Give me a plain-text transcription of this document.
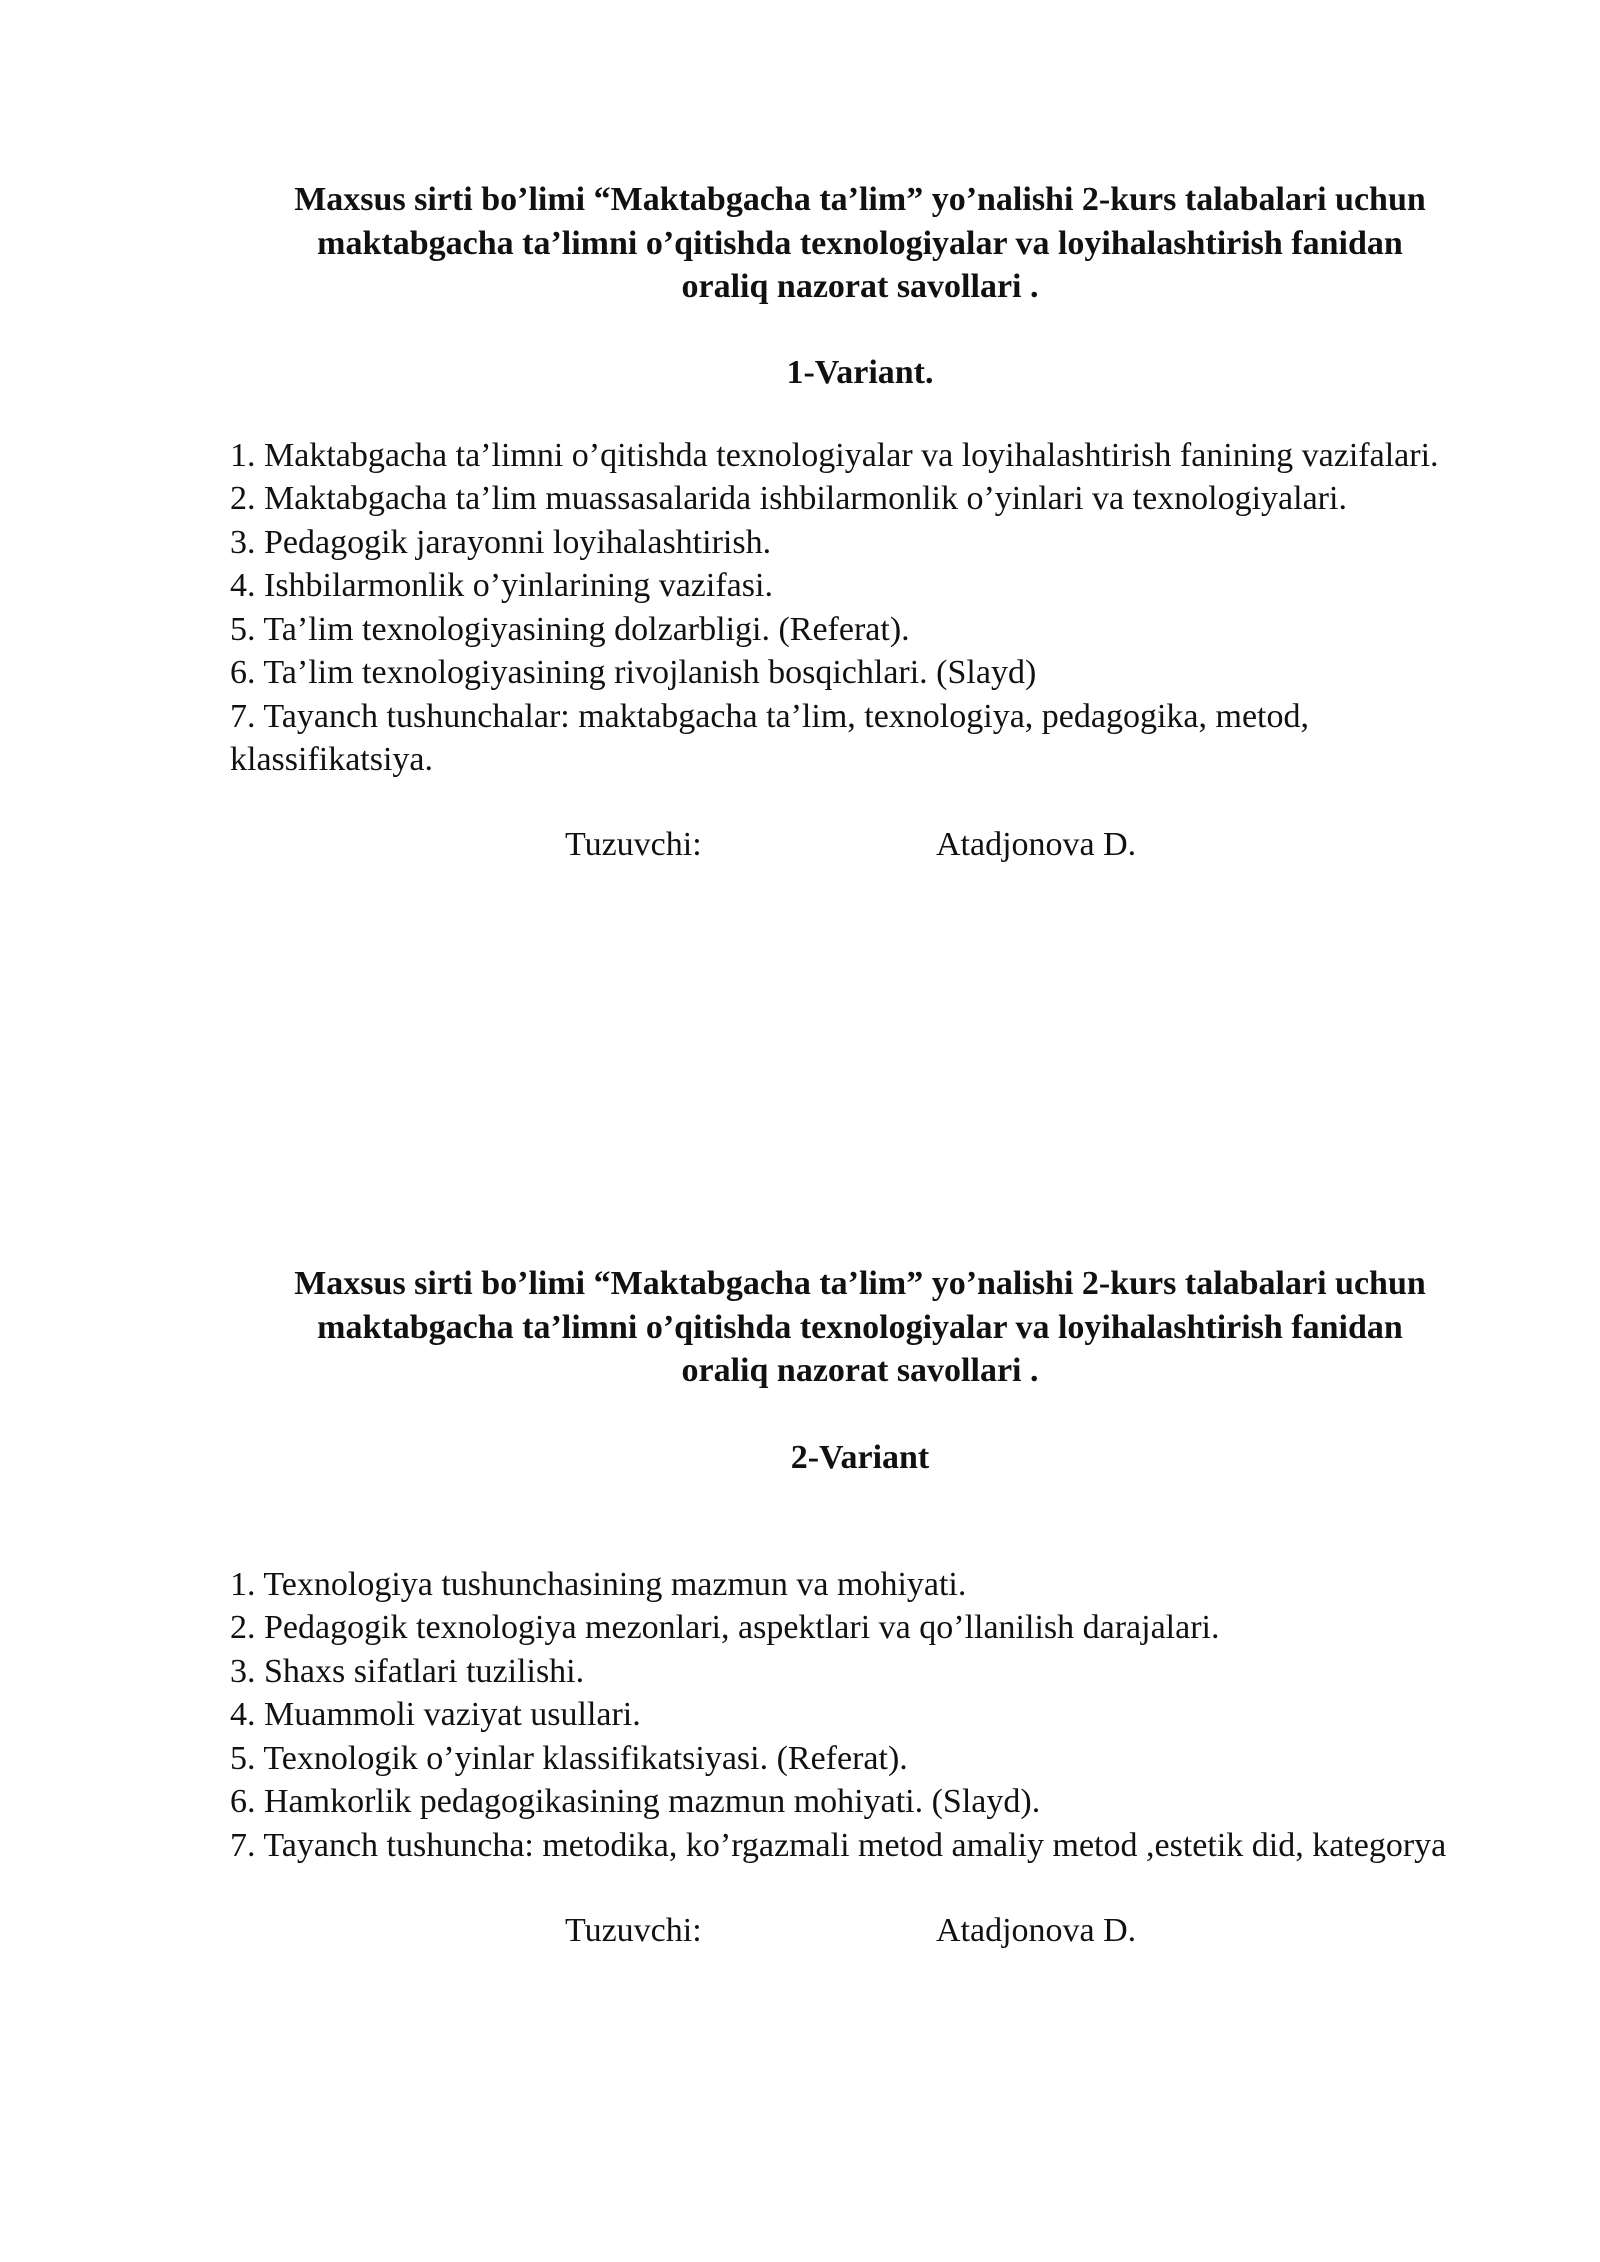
Maxsus sirti bo’limi “Maktabgacha ta’lim” yo’nalishi 2-kurs talabalari uchun
maktabgacha ta’limni o’qitishda texnologiyalar va loyihalashtirish fanidan
oraliq nazorat savollari .

1-Variant.

1. Maktabgacha ta’limni o’qitishda texnologiyalar va loyihalashtirish fanining vazifalari.
2. Maktabgacha ta’lim muassasalarida ishbilarmonlik o’yinlari va texnologiyalari.
3. Pedagogik jarayonni loyihalashtirish.
4. Ishbilarmonlik o’yinlarining vazifasi.
5. Ta’lim texnologiyasining dolzarbligi. (Referat).
6. Ta’lim texnologiyasining rivojlanish bosqichlari. (Slayd)
7. Tayanch tushunchalar: maktabgacha ta’lim, texnologiya, pedagogika, metod, klassifikatsiya.
Tuzuvchi:	Atadjonova D.

Maxsus sirti bo’limi “Maktabgacha ta’lim” yo’nalishi 2-kurs talabalari uchun
maktabgacha ta’limni o’qitishda texnologiyalar va loyihalashtirish fanidan
oraliq nazorat savollari .

2-Variant

1. Texnologiya tushunchasining mazmun va mohiyati.
2. Pedagogik texnologiya mezonlari, aspektlari va qo’llanilish darajalari.
3. Shaxs sifatlari tuzilishi.
4. Muammoli vaziyat usullari.
5. Texnologik o’yinlar klassifikatsiyasi. (Referat).
6. Hamkorlik pedagogikasining mazmun mohiyati. (Slayd).
7. Tayanch tushuncha: metodika, ko’rgazmali metod amaliy metod ,estetik did, kategorya
Tuzuvchi:	Atadjonova D.
